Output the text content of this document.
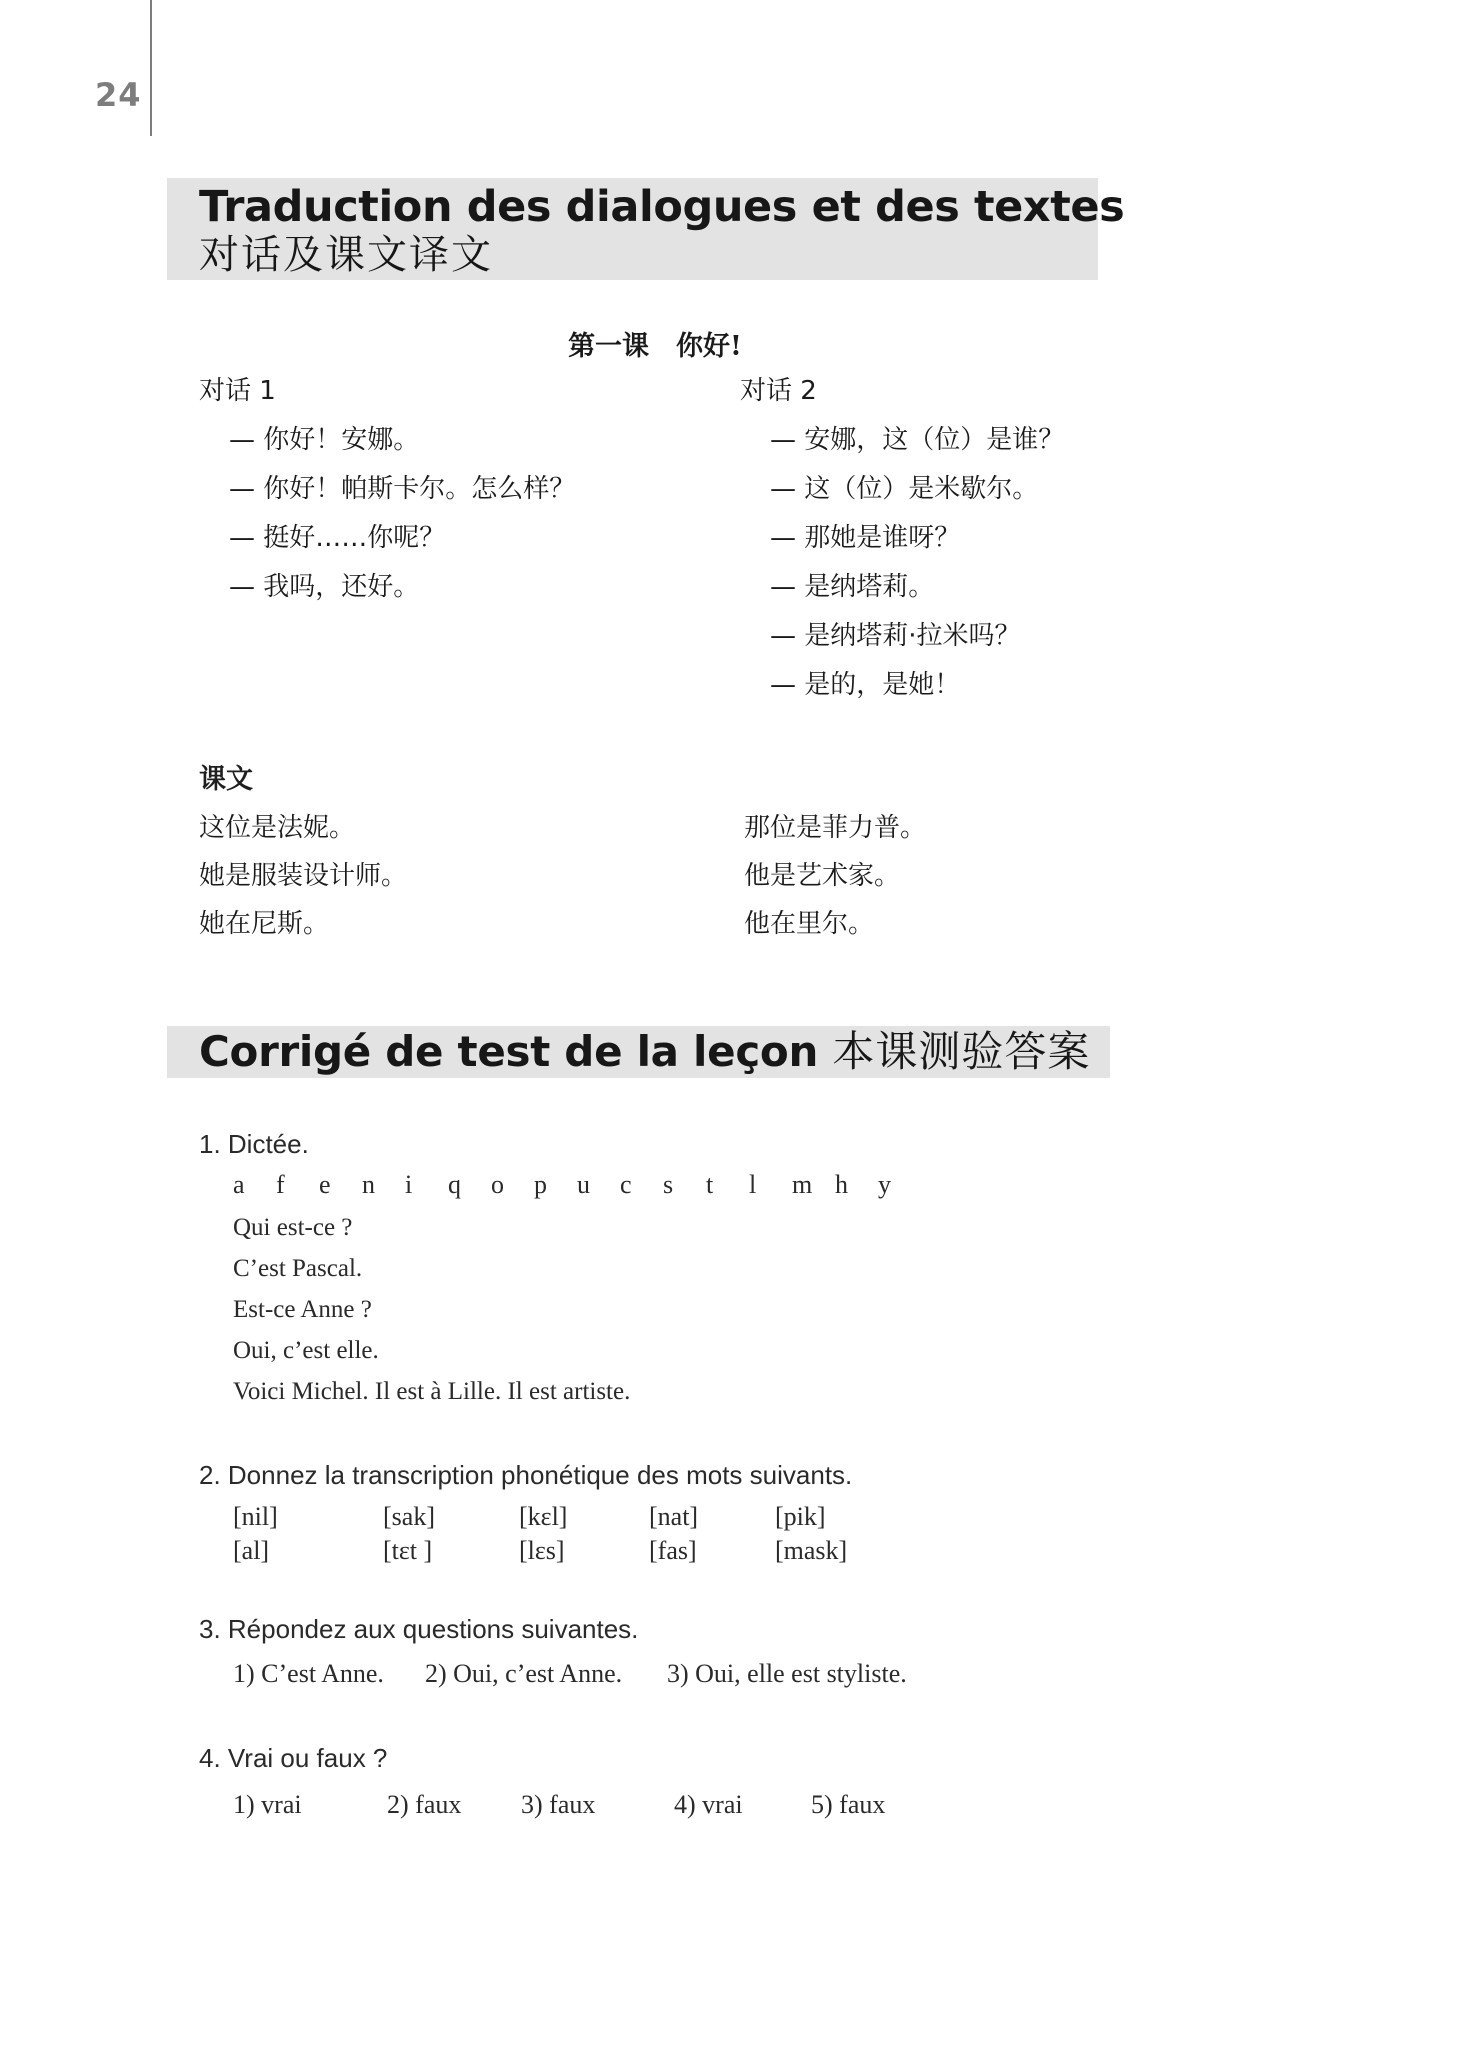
24
Traduction des dialogues et des textes
对话及课文译文
第一课　你好!
对话 1
— 你好！安娜。
— 你好！帕斯卡尔。怎么样？
— 挺好……你呢？
— 我吗，还好。
对话 2
— 安娜，这（位）是谁？
— 这（位）是米歇尔。
— 那她是谁呀？
— 是纳塔莉。
— 是纳塔莉·拉米吗？
— 是的，是她！
课文
这位是法妮。
她是服装设计师。
她在尼斯。
那位是菲力普。
他是艺术家。
他在里尔。
Corrigé de test de la leçon 本课测验答案
1. Dictée.
a f e n i q o p u c s t l m h y
Qui est-ce ?
C’est Pascal.
Est-ce Anne ?
Oui, c’est elle.
Voici Michel. Il est à Lille. Il est artiste.
2. Donnez la transcription phonétique des mots suivants.
[nil]	[sak]	[kɛl]	[nat]	[pik]
[al]	[tɛt ]	[lɛs]	[fas]	[mask]
3. Répondez aux questions suivantes.
1) C’est Anne. 2) Oui, c’est Anne. 3) Oui, elle est styliste.
4. Vrai ou faux ?
1) vrai	2) faux 3) faux	4) vrai	5) faux
